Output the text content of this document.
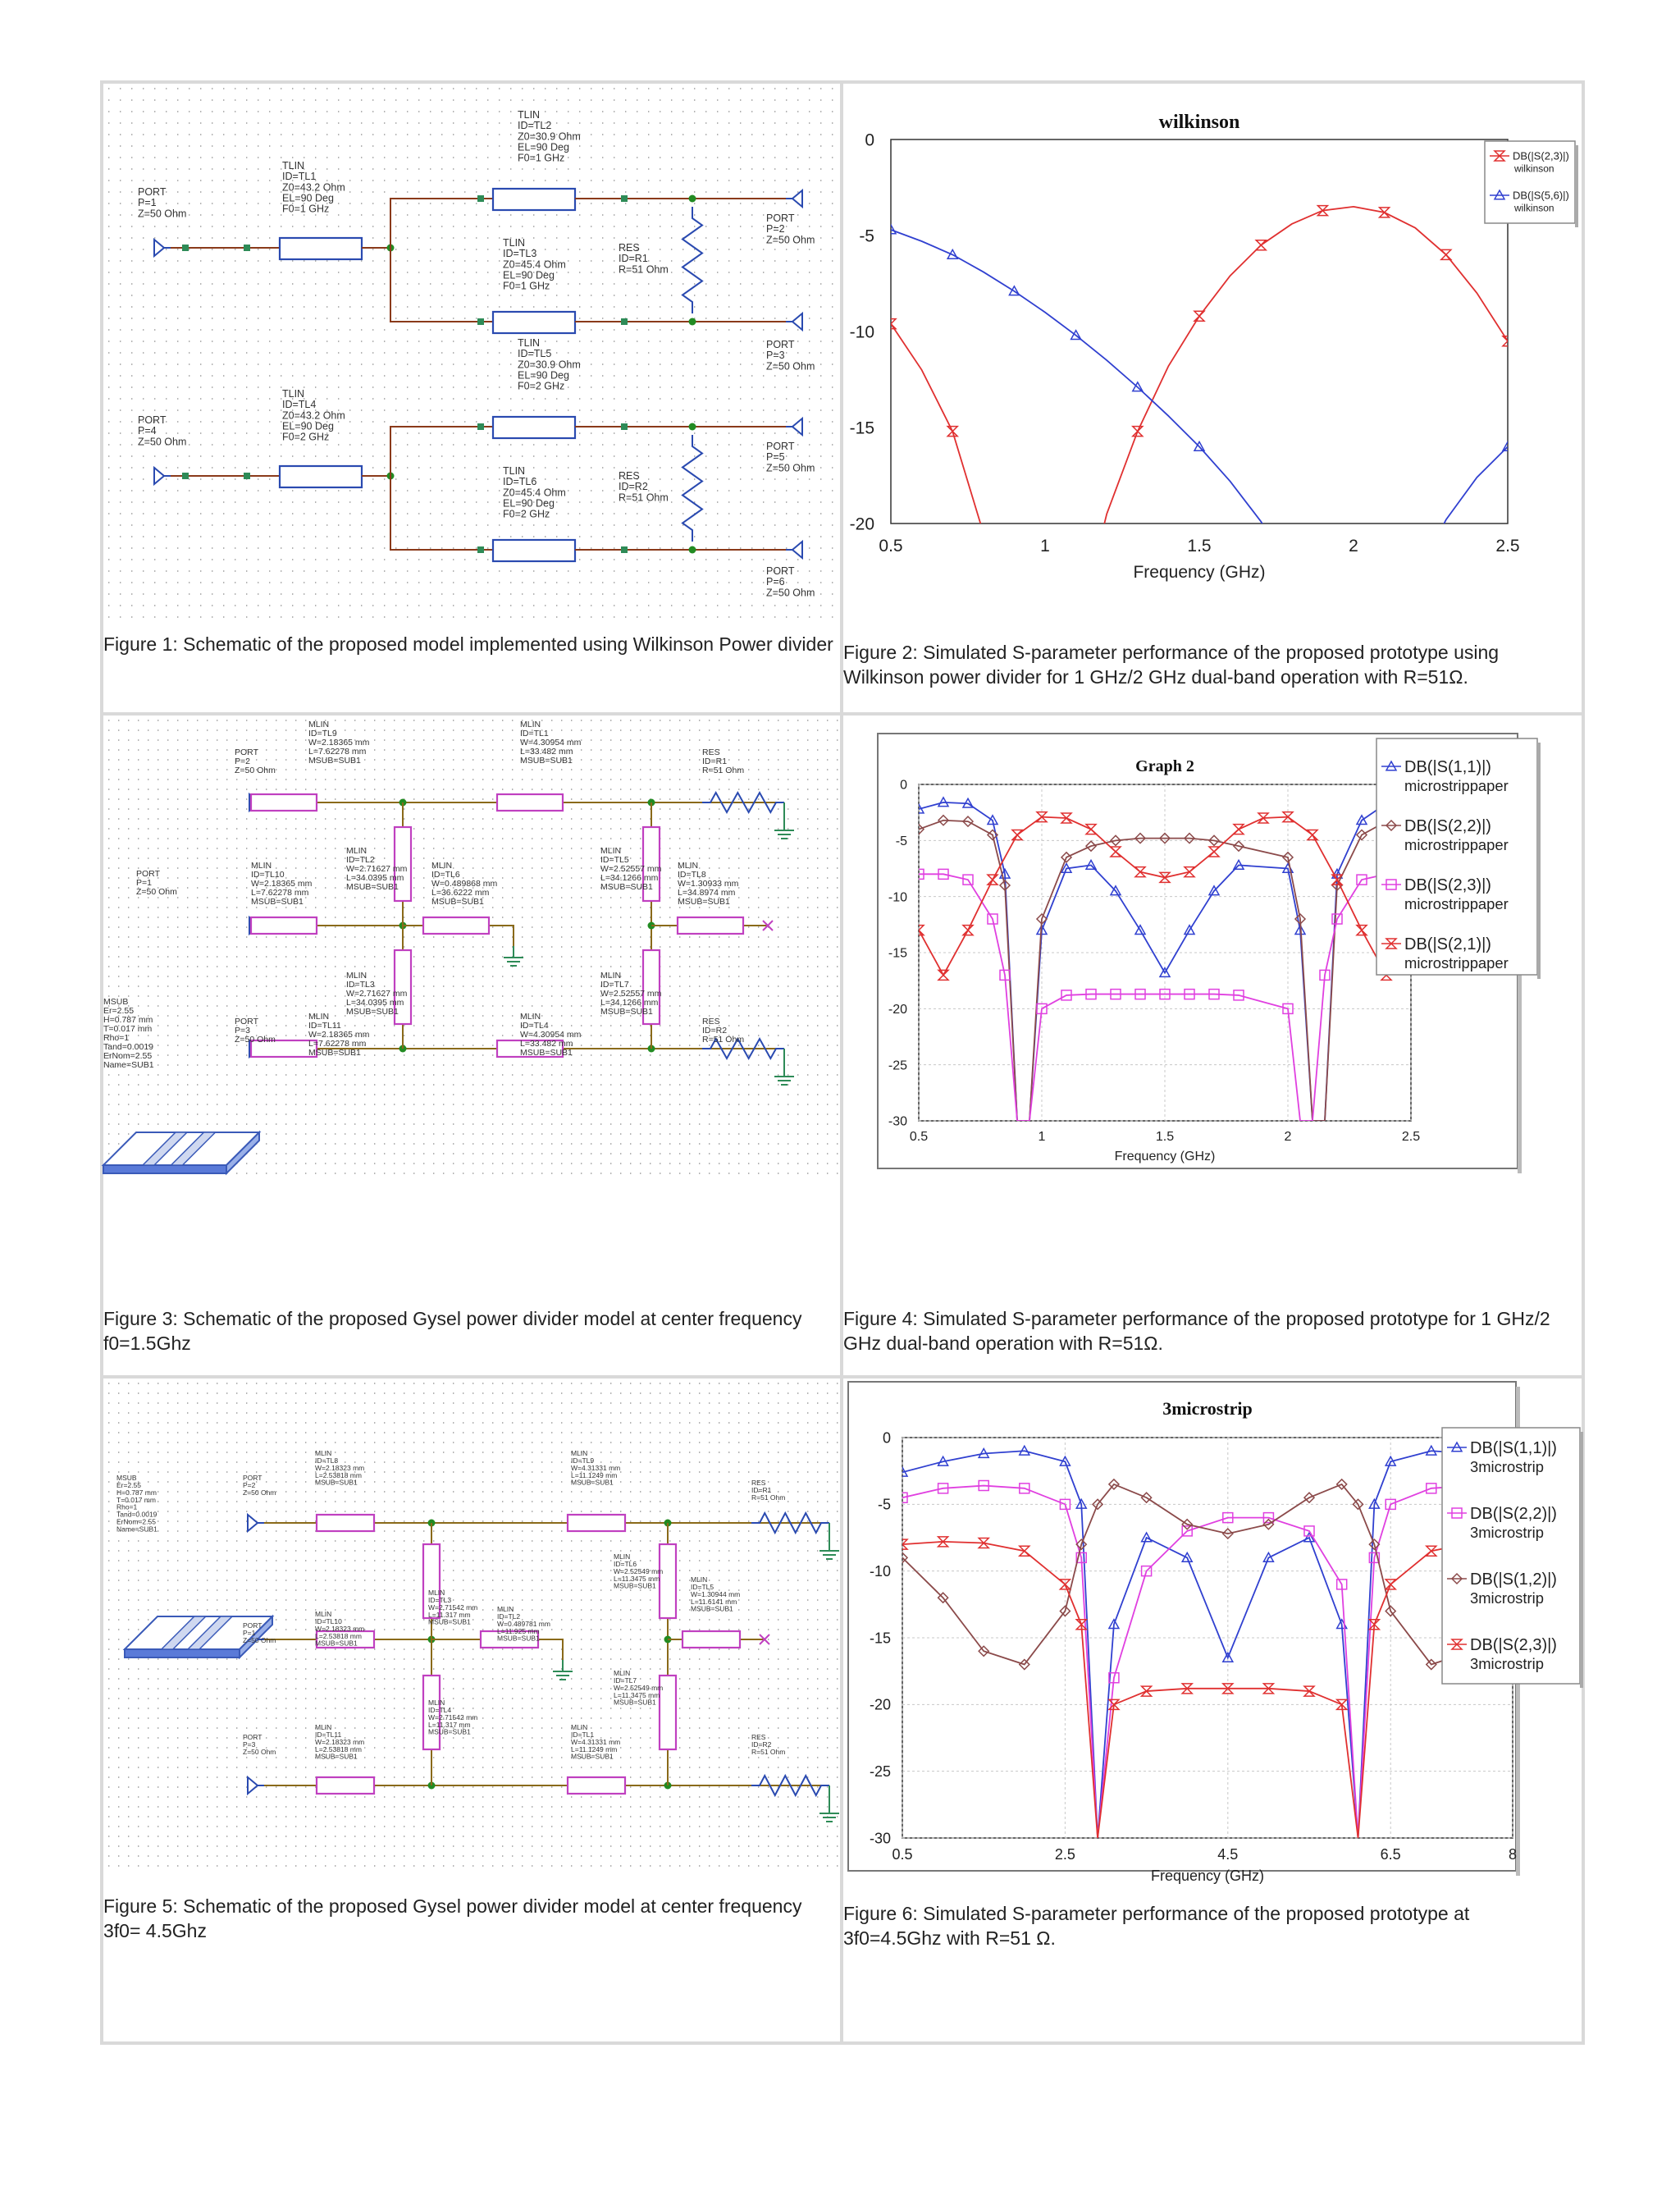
PORT P=1 Z=50 Ohm
TLIN ID=TL1 Z0=43.2 Ohm EL=90 Deg F0=1 GHz
TLIN ID=TL2 Z0=30.9 Ohm EL=90 Deg F0=1 GHz
TLIN ID=TL3 Z0=45.4 Ohm EL=90 Deg F0=1 GHz
RES ID=R1 R=51 Ohm
PORT P=2 Z=50 Ohm
TLIN ID=TL5 Z0=30.9 Ohm EL=90 Deg F0=2 GHz
PORT P=3 Z=50 Ohm
PORT P=4 Z=50 Ohm
TLIN ID=TL4 Z0=43.2 Ohm EL=90 Deg F0=2 GHz
TLIN ID=TL6 Z0=45.4 Ohm EL=90 Deg F0=2 GHz
RES ID=R2 R=51 Ohm
PORT P=5 Z=50 Ohm
PORT P=6 Z=50 Ohm
Figure 1: Schematic of the proposed model implemented using Wilkinson Power divider
0.5	1	1.5	2	2.5
0
-5
-10
-15
-20
wilkinson
Frequency (GHz)
DB(|S(2,3)|)
wilkinson
DB(|S(5,6)|)
wilkinson
Figure 2: Simulated S-parameter performance of the proposed prototype using Wilkinson power divider for 1 GHz/2 GHz dual-band operation with R=51Ω.
PORT P=2 Z=50 Ohm
MLIN ID=TL9 W=2.18365 mm L=7.62278 mm MSUB=SUB1
MLIN ID=TL1 W=4.30954 mm L=33.482 mm MSUB=SUB1
RES ID=R1 R=51 Ohm
PORT P=1 Z=50 Ohm
MLIN ID=TL10 W=2.18365 mm L=7.62278 mm MSUB=SUB1
MLIN ID=TL2 W=2.71627 mm L=34.0395 mm MSUB=SUB1
MLIN ID=TL6 W=0.489868 mm L=36.6222 mm MSUB=SUB1
MLIN ID=TL5 W=2.52557 mm L=34.1266 mm MSUB=SUB1
MLIN ID=TL8 W=1.30933 mm L=34.8974 mm MSUB=SUB1
MLIN ID=TL3 W=2.71627 mm L=34.0395 mm MSUB=SUB1
MLIN ID=TL7 W=2.52557 mm L=34.1266 mm MSUB=SUB1
MSUB Er=2.55 H=0.787 mm T=0.017 mm Rho=1 Tand=0.0019 ErNom=2.55 Name=SUB1
PORT P=3 Z=50 Ohm
MLIN ID=TL11 W=2.18365 mm L=7.62278 mm MSUB=SUB1
MLIN ID=TL4 W=4.30954 mm L=33.482 mm MSUB=SUB1
RES ID=R2 R=51 Ohm
Figure 3: Schematic of the proposed Gysel power divider model at center frequency f0=1.5Ghz
0.5	1	1.5	2	2.5
0
-5
-10
-15
-20
-25
-30
Graph 2
Frequency (GHz)
DB(|S(1,1)|)
microstrippaper
DB(|S(2,2)|)
microstrippaper
DB(|S(2,3)|)
microstrippaper
DB(|S(2,1)|)
microstrippaper
Figure 4: Simulated S-parameter performance of the proposed prototype for 1 GHz/2 GHz dual-band operation with R=51Ω.
MSUB Er=2.55 H=0.787 mm T=0.017 mm Rho=1 Tand=0.0019 ErNom=2.55 Name=SUB1
PORT P=2 Z=50 Ohm
MLIN ID=TL8 W=2.18323 mm L=2.53818 mm MSUB=SUB1
MLIN ID=TL9 W=4.31331 mm L=11.1249 mm MSUB=SUB1	RES ID=R1 R=51 Ohm
MLIN ID=TL6 W=2.52549 mm L=11.3475 mm MSUB=SUB1
MLIN ID=TL5 W=1.30944 mm L=11.6141 mm MSUB=SUB1
MLIN ID=TL3 W=2.71542 mm L=11.317 mm MSUB=SUB1
MLIN ID=TL2 W=0.489781 mm L=11.925 mm MSUB=SUB1
PORT P=1 Z=50 Ohm
MLIN ID=TL10 W=2.18323 mm L=2.53818 mm MSUB=SUB1
MLIN ID=TL7 W=2.52549 mm L=11.3475 mm MSUB=SUB1
MLIN ID=TL4 W=2.71542 mm L=11.317 mm MSUB=SUB1
PORT P=3 Z=50 Ohm
MLIN ID=TL11 W=2.18323 mm L=2.53818 mm MSUB=SUB1
MLIN ID=TL1 W=4.31331 mm L=11.1249 mm MSUB=SUB1
RES ID=R2 R=51 Ohm
Figure 5: Schematic of the proposed Gysel power divider model at center frequency 3f0= 4.5Ghz
0.5	2.5	4.5	6.5	8
0
-5
-10
-15
-20
-25
-30
3microstrip
Frequency (GHz)
DB(|S(1,1)|)
3microstrip
DB(|S(2,2)|)
3microstrip
DB(|S(1,2)|)
3microstrip
DB(|S(2,3)|)
3microstrip
Figure 6: Simulated S-parameter performance of the proposed prototype at 3f0=4.5Ghz with R=51 Ω.
